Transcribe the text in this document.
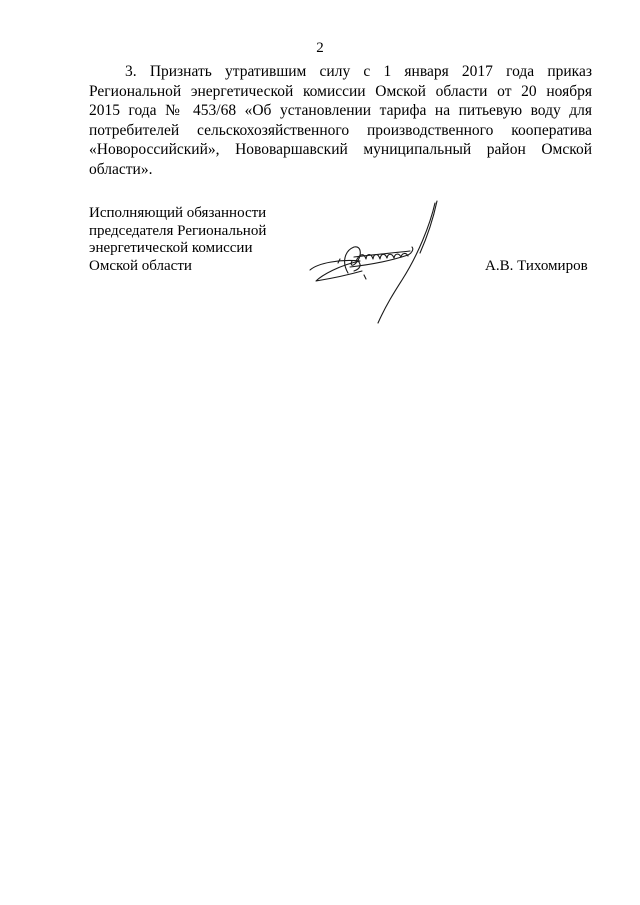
2
3. Признать утратившим силу с 1 января 2017 года приказ
Региональной энергетической комиссии Омской области от 20 ноября
2015 года № 453/68 «Об установлении тарифа на питьевую воду для
потребителей сельскохозяйственного производственного кооператива
«Новороссийский», Нововаршавский муниципальный район Омской
области».
Исполняющий обязанности
председателя Региональной
энергетической комиссии
Омской области	А.В. Тихомиров
